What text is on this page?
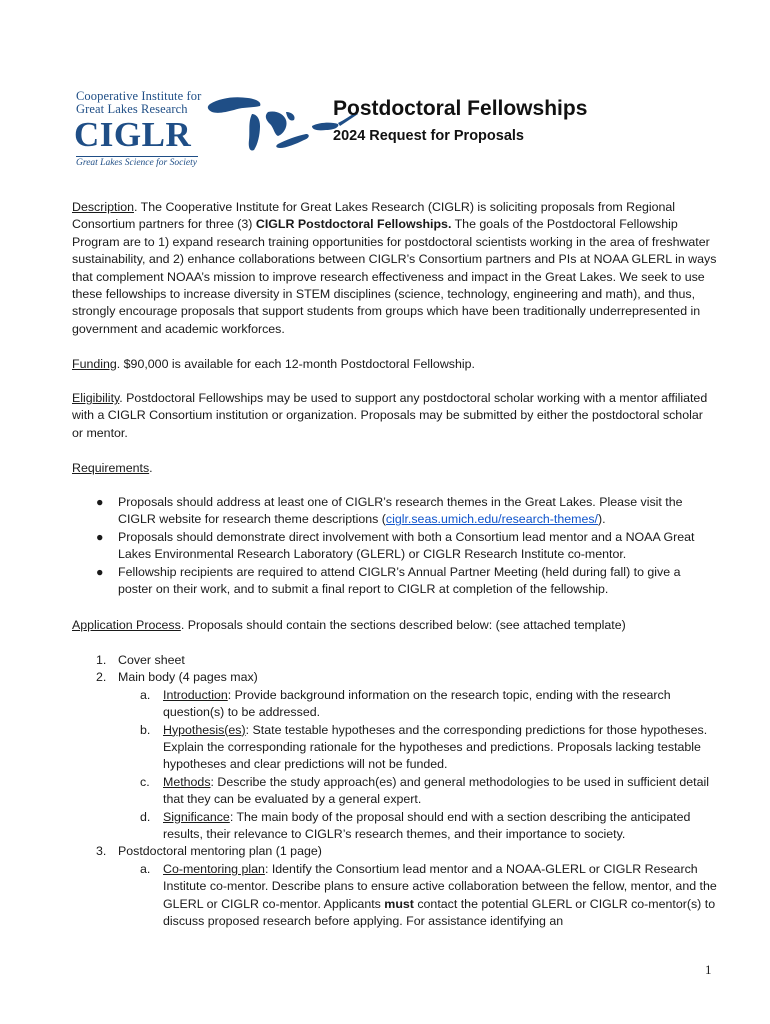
Cooperative Institute for
Great Lakes Research
CIGLR
Great Lakes Science for Society
Postdoctoral Fellowships
2024 Request for Proposals

Description. The Cooperative Institute for Great Lakes Research (CIGLR) is soliciting proposals from Regional Consortium partners for three (3) CIGLR Postdoctoral Fellowships. The goals of the Postdoctoral Fellowship Program are to 1) expand research training opportunities for postdoctoral scientists working in the area of freshwater sustainability, and 2) enhance collaborations between CIGLR’s Consortium partners and PIs at NOAA GLERL in ways that complement NOAA’s mission to improve research effectiveness and impact in the Great Lakes. We seek to use these fellowships to increase diversity in STEM disciplines (science, technology, engineering and math), and thus, strongly encourage proposals that support students from groups which have been traditionally underrepresented in government and academic workforces.

Funding. $90,000 is available for each 12-month Postdoctoral Fellowship.

Eligibility. Postdoctoral Fellowships may be used to support any postdoctoral scholar working with a mentor affiliated with a CIGLR Consortium institution or organization. Proposals may be submitted by either the postdoctoral scholar or mentor.

Requirements.

● Proposals should address at least one of CIGLR’s research themes in the Great Lakes. Please visit the CIGLR website for research theme descriptions (ciglr.seas.umich.edu/research-themes/).
● Proposals should demonstrate direct involvement with both a Consortium lead mentor and a NOAA Great Lakes Environmental Research Laboratory (GLERL) or CIGLR Research Institute co-mentor.
● Fellowship recipients are required to attend CIGLR’s Annual Partner Meeting (held during fall) to give a poster on their work, and to submit a final report to CIGLR at completion of the fellowship.

Application Process. Proposals should contain the sections described below: (see attached template)

1. Cover sheet
2. Main body (4 pages max)
a. Introduction: Provide background information on the research topic, ending with the research question(s) to be addressed.
b. Hypothesis(es): State testable hypotheses and the corresponding predictions for those hypotheses. Explain the corresponding rationale for the hypotheses and predictions. Proposals lacking testable hypotheses and clear predictions will not be funded.
c. Methods: Describe the study approach(es) and general methodologies to be used in sufficient detail that they can be evaluated by a general expert.
d. Significance: The main body of the proposal should end with a section describing the anticipated results, their relevance to CIGLR’s research themes, and their importance to society.
3. Postdoctoral mentoring plan (1 page)
a. Co-mentoring plan: Identify the Consortium lead mentor and a NOAA-GLERL or CIGLR Research Institute co-mentor. Describe plans to ensure active collaboration between the fellow, mentor, and the GLERL or CIGLR co-mentor. Applicants must contact the potential GLERL or CIGLR co-mentor(s) to discuss proposed research before applying. For assistance identifying an
1
